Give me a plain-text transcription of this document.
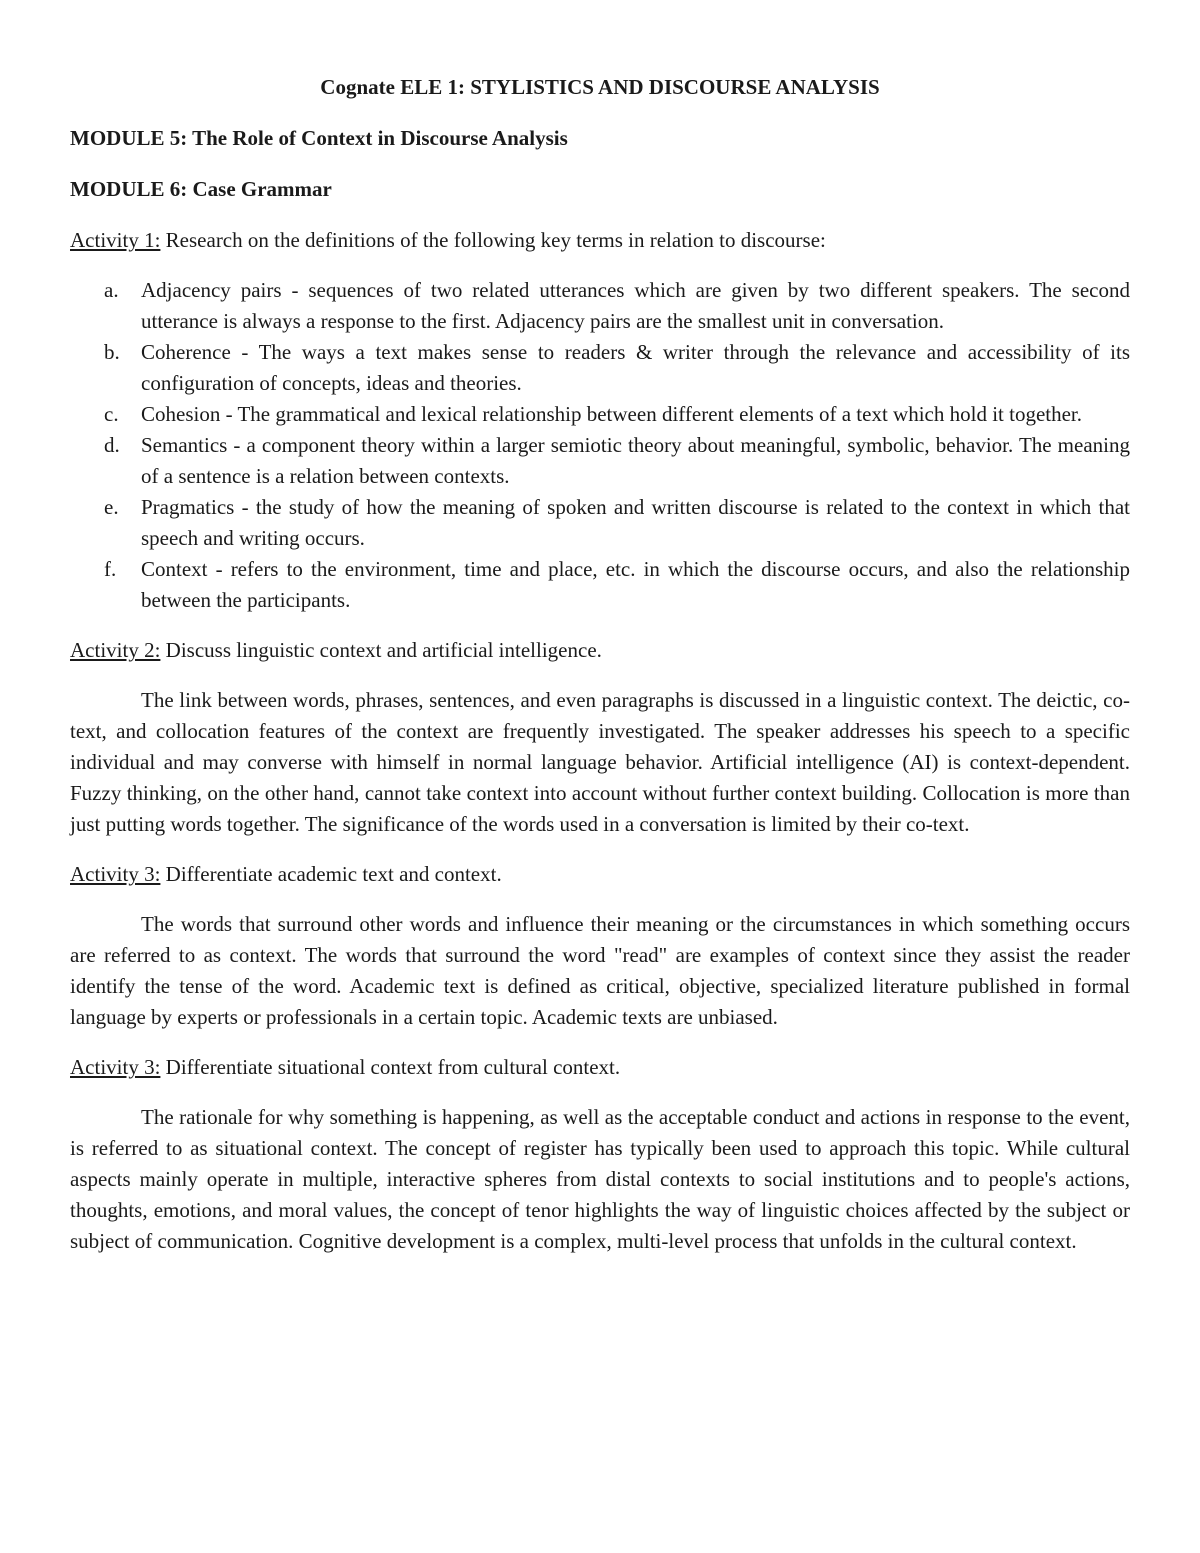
Cognate ELE 1: STYLISTICS AND DISCOURSE ANALYSIS
MODULE 5: The Role of Context in Discourse Analysis
MODULE 6: Case Grammar
Activity 1: Research on the definitions of the following key terms in relation to discourse:
a. Adjacency pairs - sequences of two related utterances which are given by two different speakers. The second utterance is always a response to the first. Adjacency pairs are the smallest unit in conversation.
b. Coherence - The ways a text makes sense to readers & writer through the relevance and accessibility of its configuration of concepts, ideas and theories.
c. Cohesion - The grammatical and lexical relationship between different elements of a text which hold it together.
d. Semantics - a component theory within a larger semiotic theory about meaningful, symbolic, behavior. The meaning of a sentence is a relation between contexts.
e. Pragmatics - the study of how the meaning of spoken and written discourse is related to the context in which that speech and writing occurs.
f. Context - refers to the environment, time and place, etc. in which the discourse occurs, and also the relationship between the participants.
Activity 2: Discuss linguistic context and artificial intelligence.

The link between words, phrases, sentences, and even paragraphs is discussed in a linguistic context. The deictic, co-text, and collocation features of the context are frequently investigated. The speaker addresses his speech to a specific individual and may converse with himself in normal language behavior. Artificial intelligence (AI) is context-dependent. Fuzzy thinking, on the other hand, cannot take context into account without further context building. Collocation is more than just putting words together. The significance of the words used in a conversation is limited by their co-text.

Activity 3: Differentiate academic text and context.

The words that surround other words and influence their meaning or the circumstances in which something occurs are referred to as context. The words that surround the word "read" are examples of context since they assist the reader identify the tense of the word. Academic text is defined as critical, objective, specialized literature published in formal language by experts or professionals in a certain topic. Academic texts are unbiased.

Activity 3: Differentiate situational context from cultural context.

The rationale for why something is happening, as well as the acceptable conduct and actions in response to the event, is referred to as situational context. The concept of register has typically been used to approach this topic. While cultural aspects mainly operate in multiple, interactive spheres from distal contexts to social institutions and to people's actions, thoughts, emotions, and moral values, the concept of tenor highlights the way of linguistic choices affected by the subject or subject of communication. Cognitive development is a complex, multi-level process that unfolds in the cultural context.
